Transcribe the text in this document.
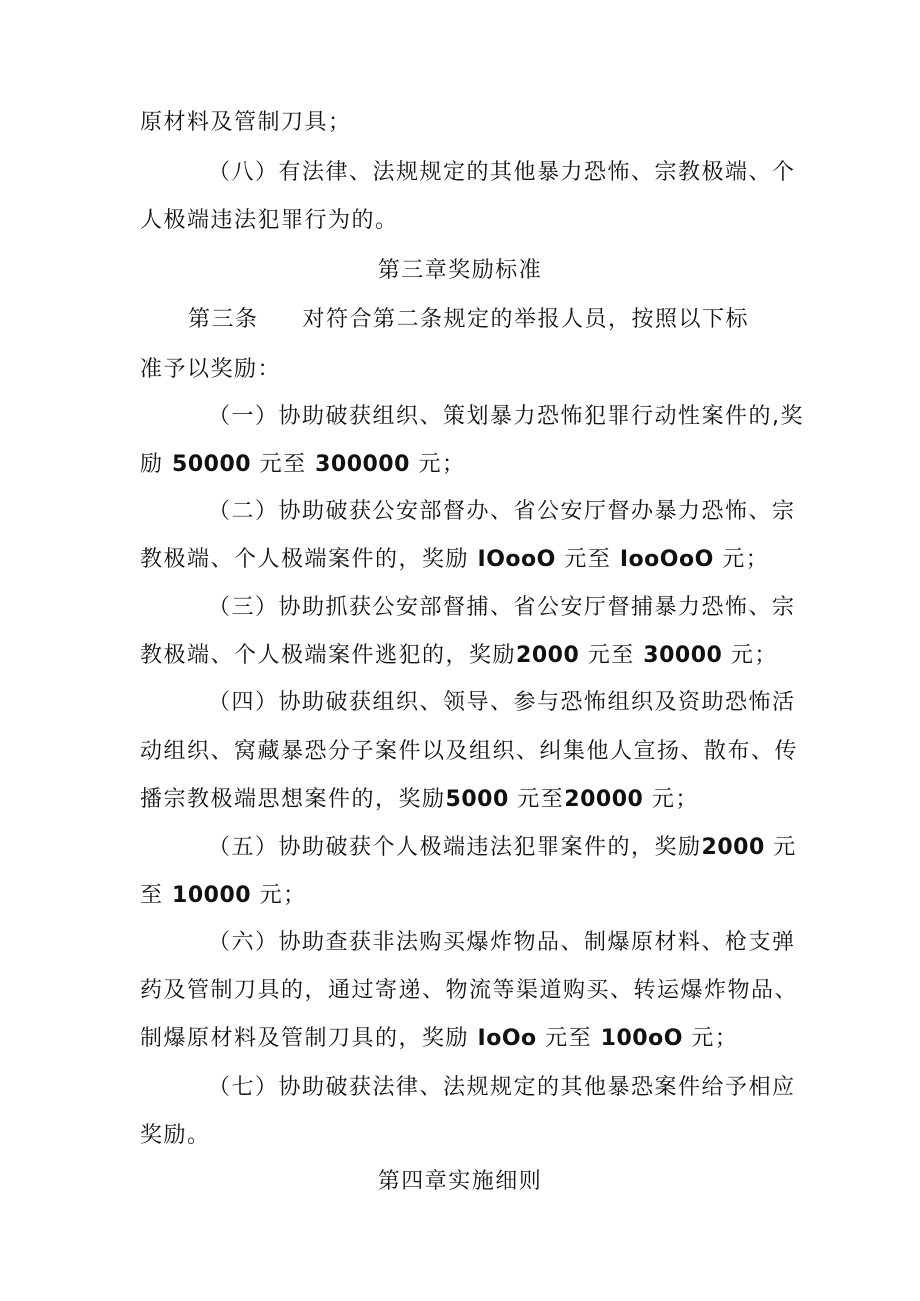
原材料及管制刀具；
（八）有法律、法规规定的其他暴力恐怖、宗教极端、个
人极端违法犯罪行为的。
第三章奖励标准
第三条 对符合第二条规定的举报人员，按照以下标
准予以奖励：
（一）协助破获组织、策划暴力恐怖犯罪行动性案件的,奖
励 50000 元至 300000 元；
（二）协助破获公安部督办、省公安厅督办暴力恐怖、宗
教极端、个人极端案件的，奖励 IOooO 元至 IooOoO 元；
（三）协助抓获公安部督捕、省公安厅督捕暴力恐怖、宗
教极端、个人极端案件逃犯的，奖励2000 元至 30000 元；
（四）协助破获组织、领导、参与恐怖组织及资助恐怖活
动组织、窝藏暴恐分子案件以及组织、纠集他人宣扬、散布、传
播宗教极端思想案件的，奖励5000 元至20000 元；
（五）协助破获个人极端违法犯罪案件的，奖励2000 元
至 10000 元；
（六）协助查获非法购买爆炸物品、制爆原材料、枪支弹
药及管制刀具的，通过寄递、物流等渠道购买、转运爆炸物品、
制爆原材料及管制刀具的，奖励 IoOo 元至 100oO 元；
（七）协助破获法律、法规规定的其他暴恐案件给予相应
奖励。
第四章实施细则
